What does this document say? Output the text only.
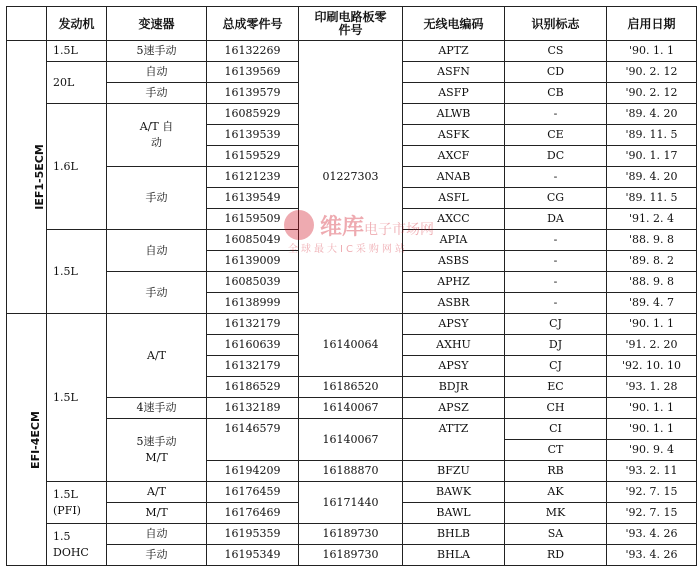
	发动机	变速器	总成零件号	印刷电路板零件号	无线电编码	识别标志	启用日期
IEF1-5ECM	1.5L	5速手动	16132269	01227303	APTZ	CS	'90. 1. 1
	20L	自动	16139569		ASFN	CD	'90. 2. 12
		手动	16139579		ASFP	CB	'90. 2. 12
	1.6L	A/T 自动	16085929		ALWB	-	'89. 4. 20
			16139539		ASFK	CE	'89. 11. 5
			16159529		AXCF	DC	'90. 1. 17
		手动	16121239		ANAB	-	'89. 4. 20
			16139549		ASFL	CG	'89. 11. 5
			16159509		AXCC	DA	'91. 2. 4
	1.5L	自动	16085049		APIA	-	'88. 9. 8
			16139009		ASBS	-	'89. 8. 2
		手动	16085039		APHZ	-	'88. 9. 8
			16138999		ASBR	-	'89. 4. 7
EFI-4ECM	1.5L	A/T	16132179	16140064	APSY	CJ	'90. 1. 1
			16160639		AXHU	DJ	'91. 2. 20
			16132179		APSY	CJ	'92. 10. 10
			16186529	16186520	BDJR	EC	'93. 1. 28
		4速手动	16132189	16140067	APSZ	CH	'90. 1. 1
		5速手动 M/T	16146579	16140067	ATTZ	CI	'90. 1. 1
						CT	'90. 9. 4
			16194209	16188870	BFZU	RB	'93. 2. 11
	1.5L (PFI)	A/T	16176459	16171440	BAWK	AK	'92. 7. 15
		M/T	16176469		BAWL	MK	'92. 7. 15
	1.5 DOHC	自动	16195359	16189730	BHLB	SA	'93. 4. 26
		手动	16195349	16189730	BHLA	RD	'93. 4. 26
维库电子市场网
全球最大IC采购网站
